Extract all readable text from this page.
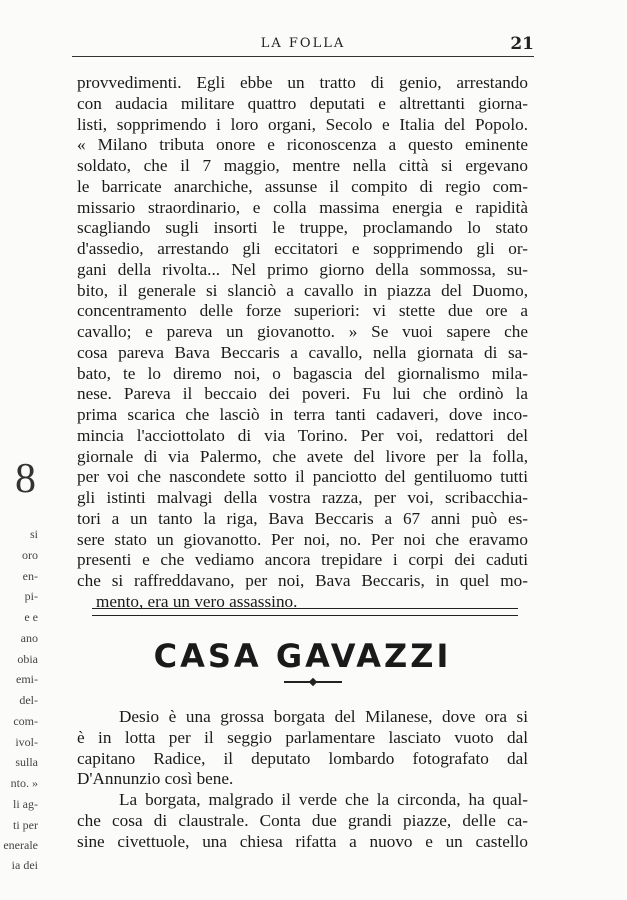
8
si
oro
en-
pi-
e e
ano
obia
emi-
del-
com-
ivol-
sulla
nto. »
li ag-
ti per
enerale
ia dei
LA FOLLA	21
provvedimenti. Egli ebbe un tratto di genio, arrestando
con audacia militare quattro deputati e altrettanti giorna-
listi, sopprimendo i loro organi, Secolo e Italia del Popolo.
« Milano tributa onore e riconoscenza a questo eminente
soldato, che il 7 maggio, mentre nella città si ergevano
le barricate anarchiche, assunse il compito di regio com-
missario straordinario, e colla massima energia e rapidità
scagliando sugli insorti le truppe, proclamando lo stato
d'assedio, arrestando gli eccitatori e sopprimendo gli or-
gani della rivolta... Nel primo giorno della sommossa, su-
bito, il generale si slanciò a cavallo in piazza del Duomo,
concentramento delle forze superiori: vi stette due ore a
cavallo; e pareva un giovanotto. » Se vuoi sapere che
cosa pareva Bava Beccaris a cavallo, nella giornata di sa-
bato, te lo diremo noi, o bagascia del giornalismo mila-
nese. Pareva il beccaio dei poveri. Fu lui che ordinò la
prima scarica che lasciò in terra tanti cadaveri, dove inco-
mincia l'acciottolato di via Torino. Per voi, redattori del
giornale di via Palermo, che avete del livore per la folla,
per voi che nascondete sotto il panciotto del gentiluomo tutti
gli istinti malvagi della vostra razza, per voi, scribacchia-
tori a un tanto la riga, Bava Beccaris a 67 anni può es-
sere stato un giovanotto. Per noi, no. Per noi che eravamo
presenti e che vediamo ancora trepidare i corpi dei caduti
che si raffreddavano, per noi, Bava Beccaris, in quel mo-
mento, era un vero assassino.
CASA GAVAZZI
Desio è una grossa borgata del Milanese, dove ora si
è in lotta per il seggio parlamentare lasciato vuoto dal
capitano Radice, il deputato lombardo fotografato dal
D'Annunzio così bene.
La borgata, malgrado il verde che la circonda, ha qual-
che cosa di claustrale. Conta due grandi piazze, delle ca-
sine civettuole, una chiesa rifatta a nuovo e un castello
